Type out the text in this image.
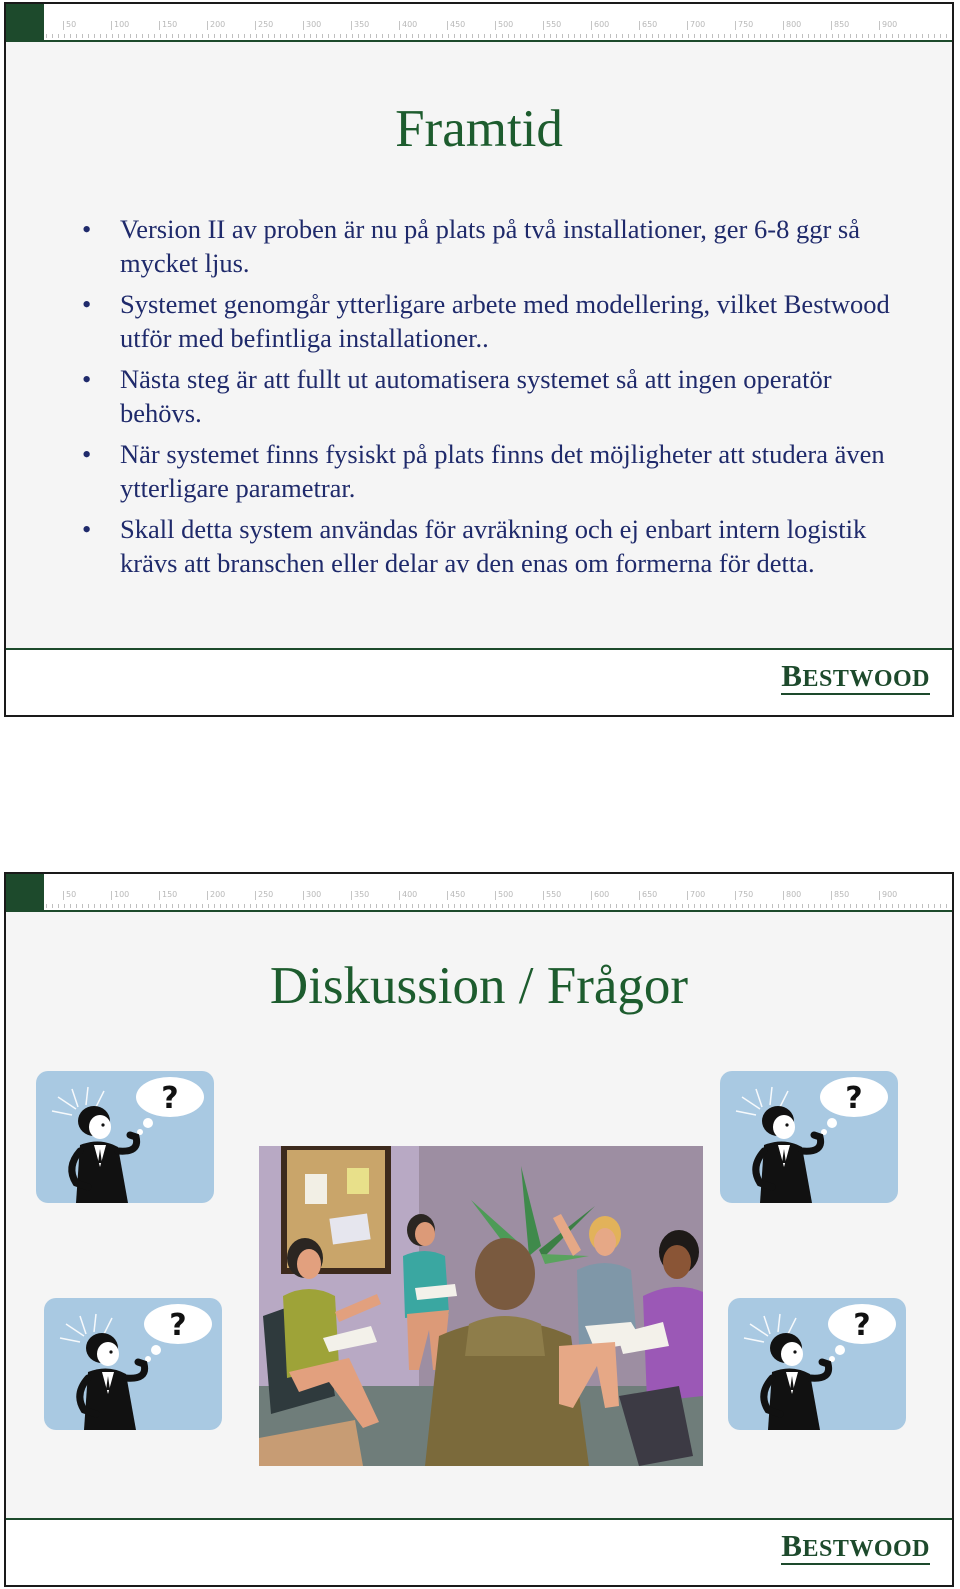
50	100	150	200	250	300	350	400	450	500	550	600	650	700	750	800	850	900
Framtid
• Version II av proben är nu på plats på två installationer, ger 6-8 ggr så mycket ljus.
• Systemet genomgår ytterligare arbete med modellering, vilket Bestwood utför med befintliga installationer..
• Nästa steg är att fullt ut automatisera systemet så att ingen operatör behövs.
• När systemet finns fysiskt på plats finns det möjligheter att studera även ytterligare parametrar.
• Skall detta system användas för avräkning och ej enbart intern logistik krävs att branschen eller delar av den enas om formerna för detta.
BESTWOOD
50	100	150	200	250	300	350	400	450	500	550	600	650	700	750	800	850	900
Diskussion / Frågor
?
?
?
?
BESTWOOD
